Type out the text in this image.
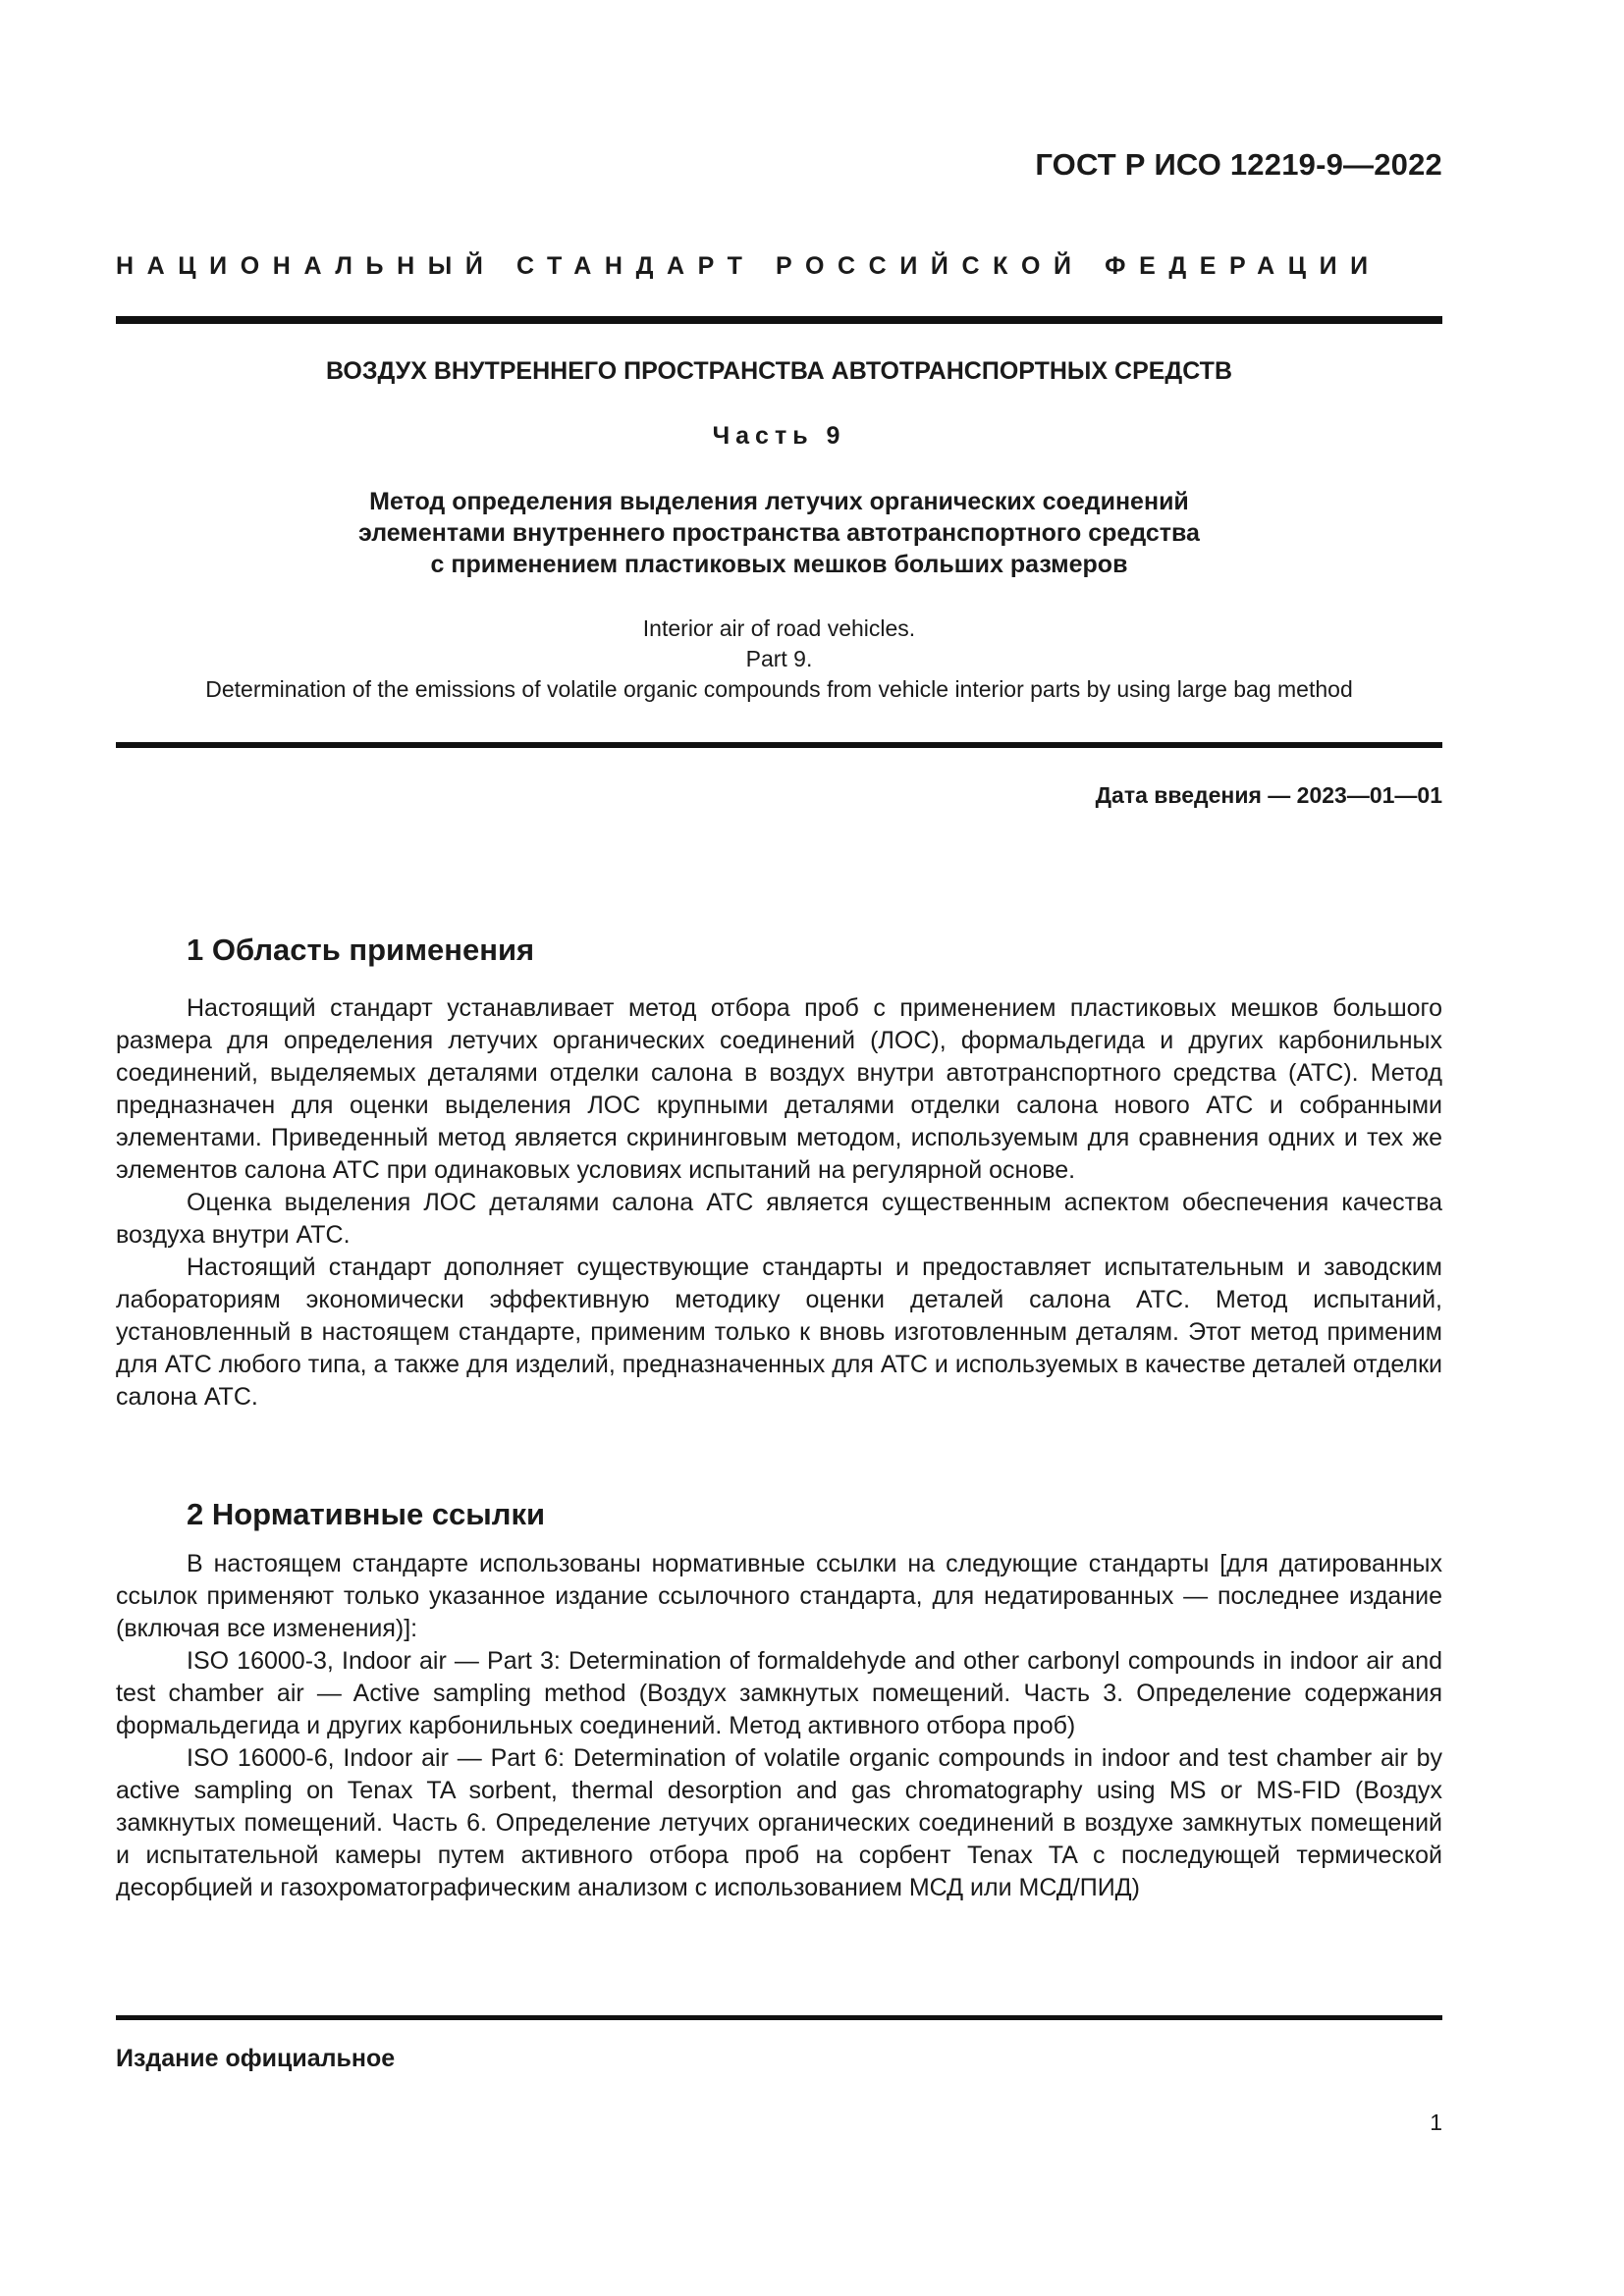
ГОСТ Р ИСО 12219-9—2022
НАЦИОНАЛЬНЫЙ СТАНДАРТ РОССИЙСКОЙ ФЕДЕРАЦИИ
ВОЗДУХ ВНУТРЕННЕГО ПРОСТРАНСТВА АВТОТРАНСПОРТНЫХ СРЕДСТВ
Часть 9
Метод определения выделения летучих органических соединений
элементами внутреннего пространства автотранспортного средства
с применением пластиковых мешков больших размеров
Interior air of road vehicles.
Part 9.
Determination of the emissions of volatile organic compounds from vehicle interior parts by using large bag method
Дата введения — 2023—01—01
1 Область применения

Настоящий стандарт устанавливает метод отбора проб с применением пластиковых мешков большого размера для определения летучих органических соединений (ЛОС), формальдегида и других карбонильных соединений, выделяемых деталями отделки салона в воздух внутри автотранспортного средства (АТС). Метод предназначен для оценки выделения ЛОС крупными деталями отделки салона нового АТС и собранными элементами. Приведенный метод является скрининговым методом, используемым для сравнения одних и тех же элементов салона АТС при одинаковых условиях испытаний на регулярной основе.

Оценка выделения ЛОС деталями салона АТС является существенным аспектом обеспечения качества воздуха внутри АТС.

Настоящий стандарт дополняет существующие стандарты и предоставляет испытательным и заводским лабораториям экономически эффективную методику оценки деталей салона АТС. Метод испытаний, установленный в настоящем стандарте, применим только к вновь изготовленным деталям. Этот метод применим для АТС любого типа, а также для изделий, предназначенных для АТС и используемых в качестве деталей отделки салона АТС.

2 Нормативные ссылки

В настоящем стандарте использованы нормативные ссылки на следующие стандарты [для датированных ссылок применяют только указанное издание ссылочного стандарта, для недатированных — последнее издание (включая все изменения)]:

ISO 16000-3, Indoor air — Part 3: Determination of formaldehyde and other carbonyl compounds in indoor air and test chamber air — Active sampling method (Воздух замкнутых помещений. Часть 3. Определение содержания формальдегида и других карбонильных соединений. Метод активного отбора проб)

ISO 16000-6, Indoor air — Part 6: Determination of volatile organic compounds in indoor and test chamber air by active sampling on Tenax TA sorbent, thermal desorption and gas chromatography using MS or MS-FID (Воздух замкнутых помещений. Часть 6. Определение летучих органических соединений в воздухе замкнутых помещений и испытательной камеры путем активного отбора проб на сорбент Tenax TA с последующей термической десорбцией и газохроматографическим анализом с использованием МСД или МСД/ПИД)

Издание официальное
1
